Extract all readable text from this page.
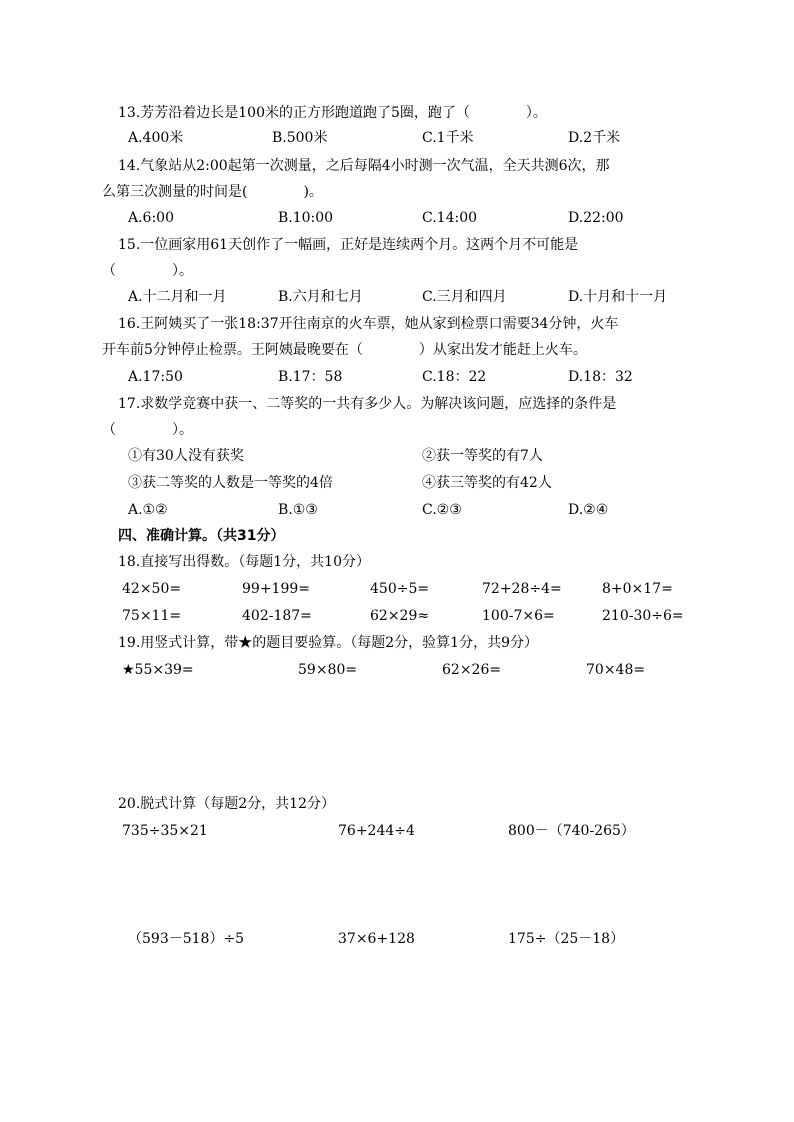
13.芳芳沿着边长是100米的正方形跑道跑了5圈，跑了（　　　　）。
A.400米	B.500米	C.1千米	D.2千米
14.气象站从2:00起第一次测量，之后每隔4小时测一次气温，全天共测6次，那
么第三次测量的时间是(　　　　)。
A.6:00	B.10:00	C.14:00	D.22:00
15.一位画家用61天创作了一幅画，正好是连续两个月。这两个月不可能是
（　　　　）。
A.十二月和一月	B.六月和七月	C.三月和四月	D.十月和十一月
16.王阿姨买了一张18:37开往南京的火车票，她从家到检票口需要34分钟，火车
开车前5分钟停止检票。王阿姨最晚要在（　　　　）从家出发才能赶上火车。
A.17:50	B.17：58	C.18：22	D.18：32
17.求数学竞赛中获一、二等奖的一共有多少人。为解决该问题，应选择的条件是
（　　　　）。
①有30人没有获奖	②获一等奖的有7人
③获二等奖的人数是一等奖的4倍	④获三等奖的有42人
A.①②	B.①③	C.②③	D.②④
四、准确计算。（共31分）
18.直接写出得数。（每题1分，共10分）
42×50=	99+199=	450÷5=	72+28÷4=	8+0×17=
75×11=	402-187=	62×29≈	100-7×6=	210-30÷6=
19.用竖式计算，带★的题目要验算。（每题2分，验算1分，共9分）
★55×39=	59×80=	62×26=	70×48=
20.脱式计算（每题2分，共12分）
735÷35×21	76+244÷4	800－（740-265）
（593－518）÷5	37×6+128	175÷（25－18）
